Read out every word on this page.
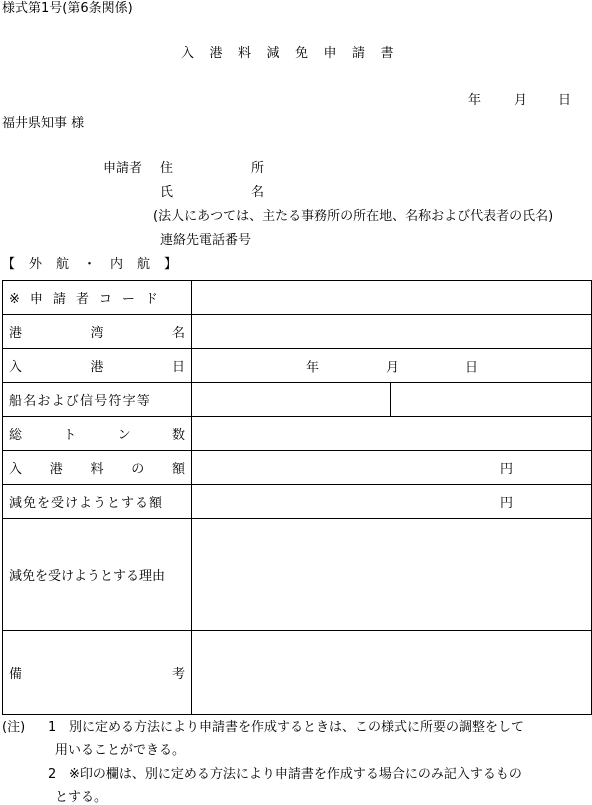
様式第1号(第6条関係)
入港料減免申請書
年	月 日
福井県知事 様
申請者 住	所
氏	名
(法人にあつては、主たる事務所の所在地、名称および代表者の氏名)
連絡先電話番号
【外航・内航】
※申請者コード		

港 湾 名		

入 港 日	年 月 日	

船名および信号符字等		

総 ト ン 数		

入 港 料 の 額	円	
減免を受けようとする額	円	
減免を受けようとする理由		

備 考		

(注) 1 別に定める方法により申請書を作成するときは、この様式に所要の調整をして
用いることができる。
2 ※印の欄は、別に定める方法により申請書を作成する場合にのみ記入するもの
とする。
